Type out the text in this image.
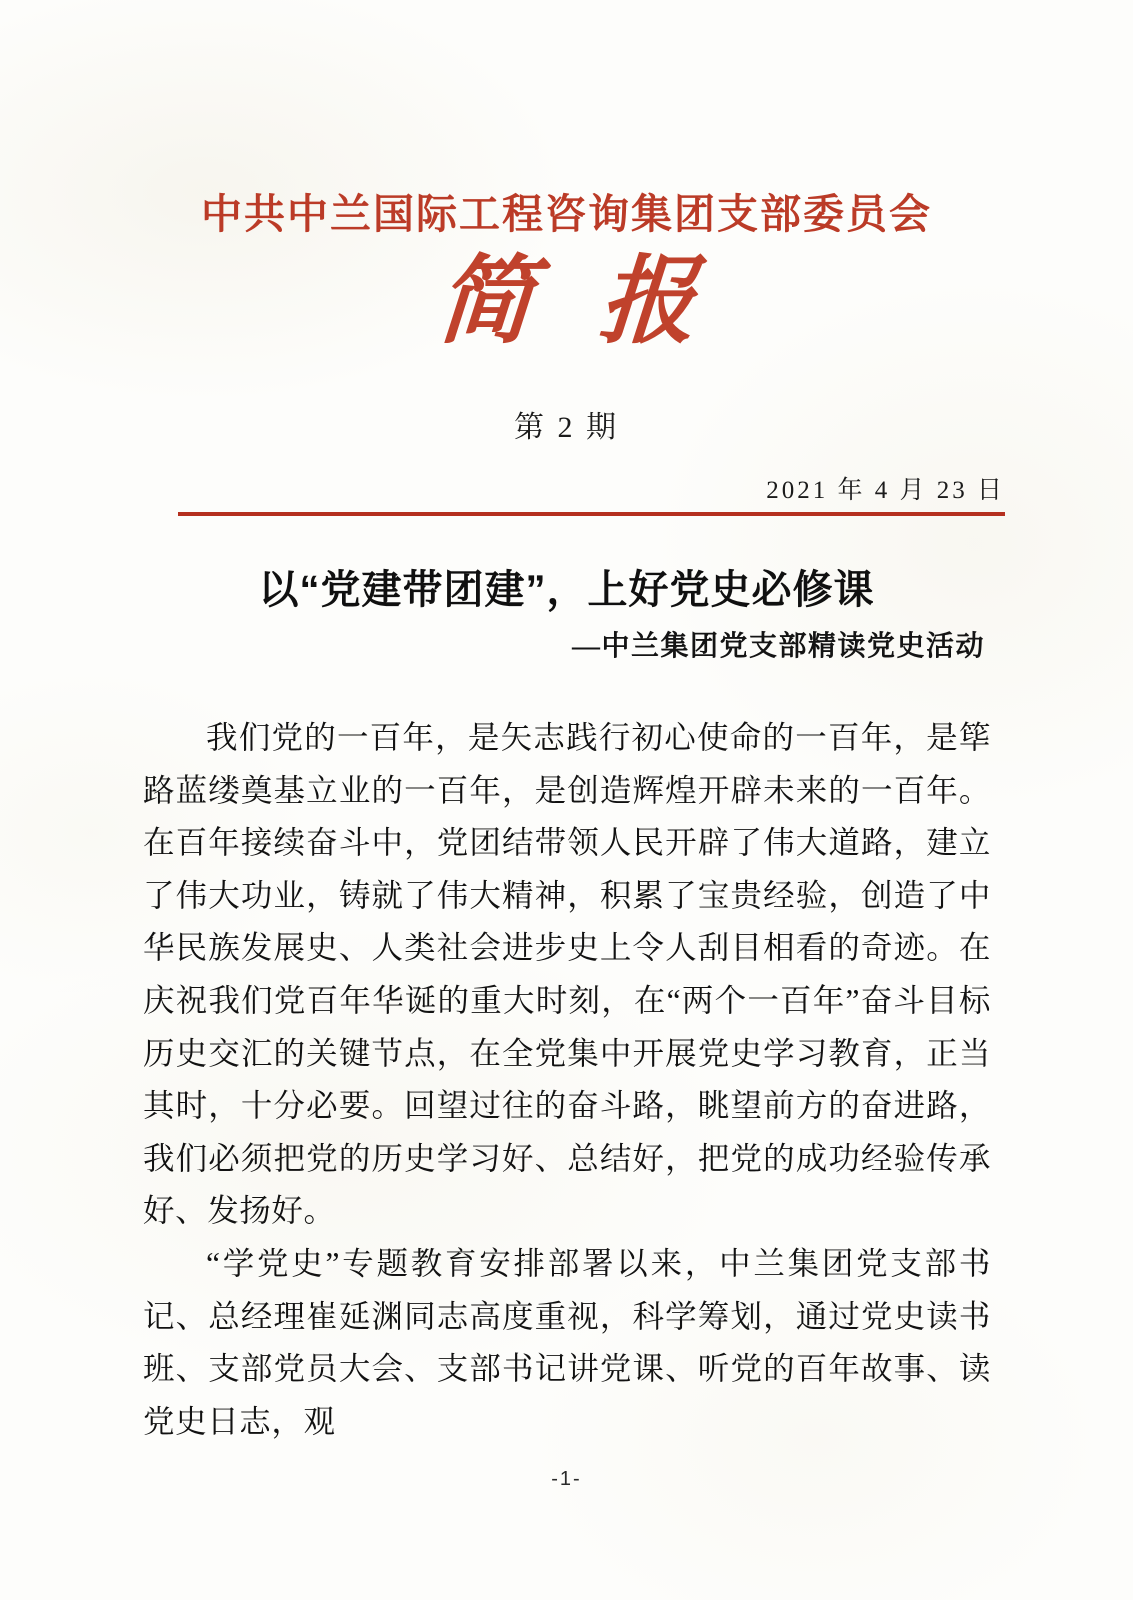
中共中兰国际工程咨询集团支部委员会
简报
第 2 期
2021 年 4 月 23 日
以“党建带团建”，上好党史必修课
—中兰集团党支部精读党史活动

我们党的一百年，是矢志践行初心使命的一百年，是筚路蓝缕奠基立业的一百年，是创造辉煌开辟未来的一百年。在百年接续奋斗中，党团结带领人民开辟了伟大道路，建立了伟大功业，铸就了伟大精神，积累了宝贵经验，创造了中华民族发展史、人类社会进步史上令人刮目相看的奇迹。在庆祝我们党百年华诞的重大时刻，在“两个一百年”奋斗目标历史交汇的关键节点，在全党集中开展党史学习教育，正当其时，十分必要。回望过往的奋斗路，眺望前方的奋进路，我们必须把党的历史学习好、总结好，把党的成功经验传承好、发扬好。

“学党史”专题教育安排部署以来，中兰集团党支部书记、总经理崔延渊同志高度重视，科学筹划，通过党史读书班、支部党员大会、支部书记讲党课、听党的百年故事、读党史日志，观

-1-
